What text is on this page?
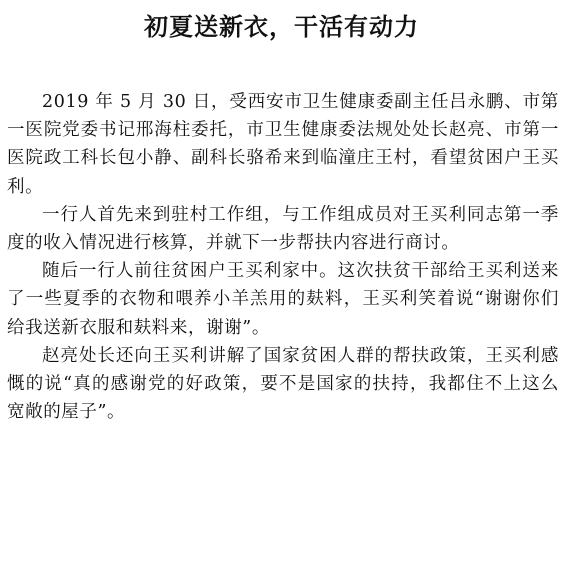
初夏送新衣，干活有动力

2019 年 5 月 30 日，受西安市卫生健康委副主任吕永鹏、市第一医院党委书记邢海柱委托，市卫生健康委法规处处长赵亮、市第一医院政工科长包小静、副科长骆希来到临潼庄王村，看望贫困户王买利。

一行人首先来到驻村工作组，与工作组成员对王买利同志第一季度的收入情况进行核算，并就下一步帮扶内容进行商讨。

随后一行人前往贫困户王买利家中。这次扶贫干部给王买利送来了一些夏季的衣物和喂养小羊羔用的麸料，王买利笑着说“谢谢你们给我送新衣服和麸料来，谢谢”。

赵亮处长还向王买利讲解了国家贫困人群的帮扶政策，王买利感慨的说“真的感谢党的好政策，要不是国家的扶持，我都住不上这么宽敞的屋子”。
